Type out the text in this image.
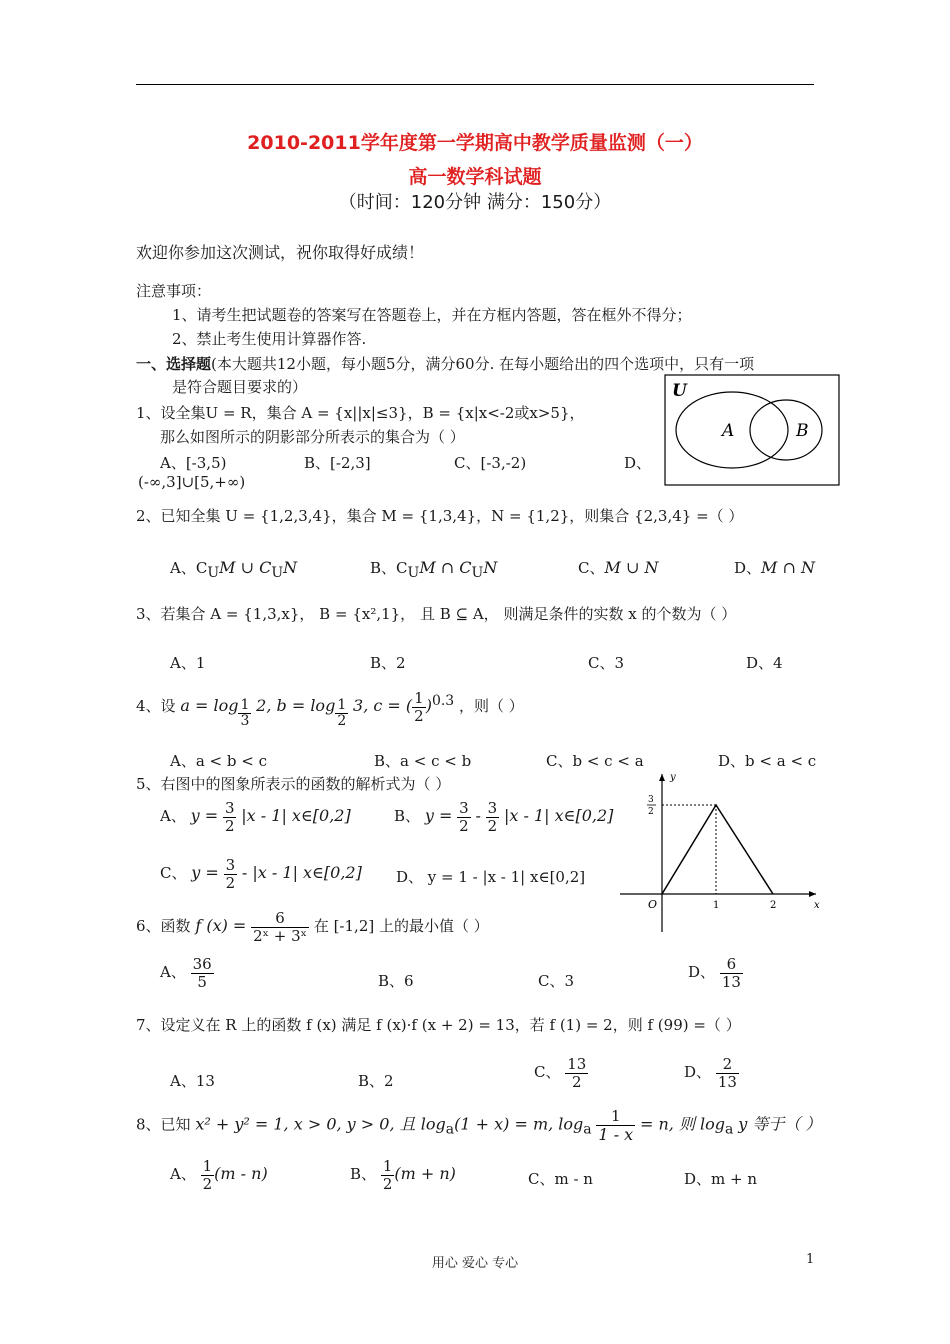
2010-2011学年度第一学期高中教学质量监测（一）
高一数学科试题
（时间：120分钟 满分：150分）
欢迎你参加这次测试，祝你取得好成绩！
注意事项：
1、请考生把试题卷的答案写在答题卷上，并在方框内答题，答在框外不得分；
2、禁止考生使用计算器作答.
一、选择题(本大题共12小题，每小题5分，满分60分. 在每小题给出的四个选项中，只有一项
是符合题目要求的）	U
A	B
1、设全集U = R，集合 A = {x||x|≤3}，B = {x|x<-2或x>5}，
那么如图所示的阴影部分所表示的集合为（ ）
A、[-3,5)	B、[-2,3]	C、[-3,-2)	D、
(-∞,3]∪[5,+∞)
2、已知全集 U = {1,2,3,4}，集合 M = {1,3,4}，N = {1,2}，则集合 {2,3,4} =（ ）
A、$C_UM$ ∪ $C_UN$	B、$C_UM$ ∩ $C_UN$	C、M ∪ N	D、M ∩ N
3、若集合 A = {1,3,x}， B = {x²,1}， 且 B ⊆ A， 则满足条件的实数 x 的个数为（ ）
A、1	B、2	C、3	D、4
4、设 $a = \log \frac{1}{3} 2$, $b = \log \frac{1}{2} 3$, c = ( $\frac{1}{2} )^{0.3}$ ，则（ ）
A、a < b < c	B、a < c < b	C、b < c < a	D、b < a < c
5、右图中的图象所表示的函数的解析式为（ ）
A、 $y = \frac{3}{2} |x - 1|$ x∈[0,2]	B、 $y = \frac{3}{2} - \frac{3}{2} |x - 1|$ x∈[0,2]
C、 $y = \frac{3}{2} - |x - 1|$ x∈[0,2] D、 y = 1 - |x - 1| x∈[0,2]
y
x
O	1	2
3
2
6、函数 f $(x) = \frac{6}{\text{2ˣ + 3ˣ}}$ 在 [-1,2] 上的最小值（ ）
A、 $\frac{36}{5}$	B、6	C、3	D、 $\frac{6}{13}$
7、设定义在 R 上的函数 f (x) 满足 f (x)·f (x + 2) = 13，若 f (1) = 2，则 f (99) =（ ）
A、13	B、2	C、 $\frac{13}{2}$	D、 $\frac{2}{13}$
8、已知 x² + y² = 1, x > 0, y > 0, 且 $\log_a(1 + x) = m$, $\log_a \frac{1}{1 - x} = n$, 则 $\log_a y$ 等于（ ）
A、 $\frac{1}{2} (m - n)$	B、 $\frac{1}{2} (m + n)$	C、m - n	D、m + n
用心 爱心 专心	1
